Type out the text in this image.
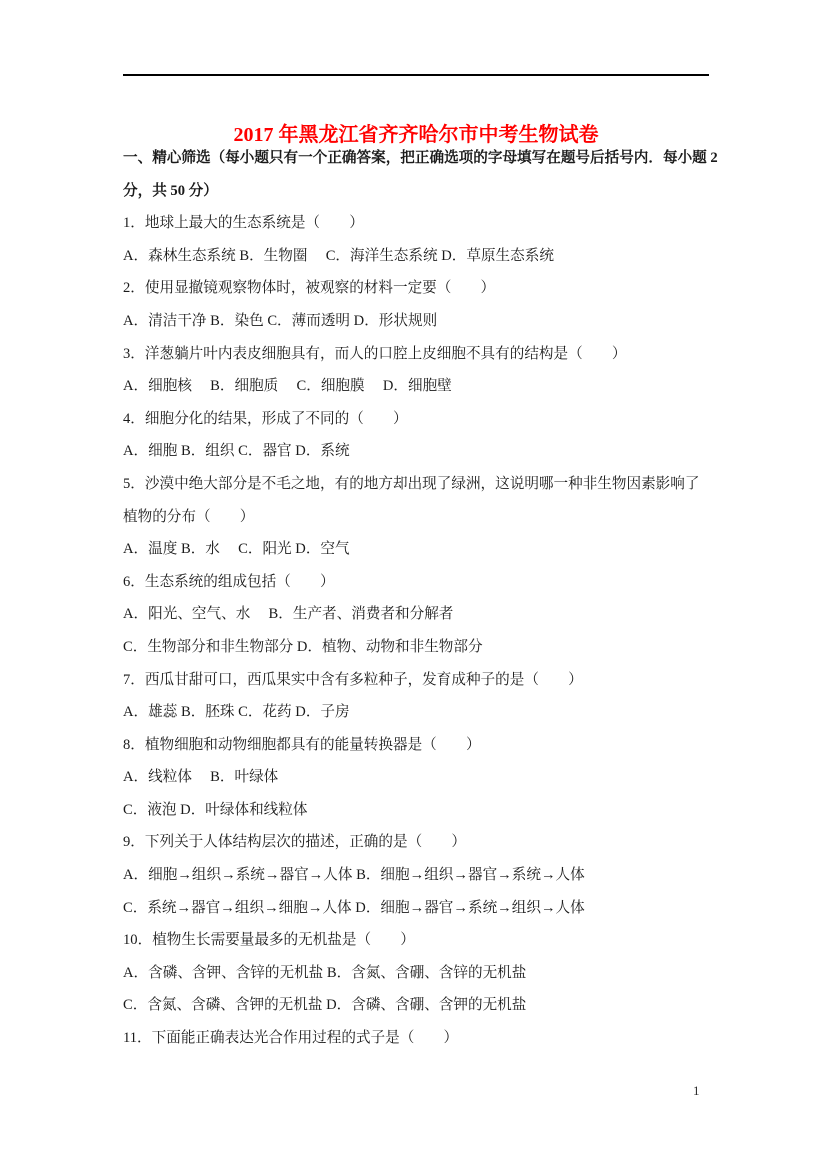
2017 年黑龙江省齐齐哈尔市中考生物试卷

一、精心筛选（每小题只有一个正确答案，把正确选项的字母填写在题号后括号内．每小题 2

分，共 50 分）

1．地球上最大的生态系统是（　　）

A．森林生态系统 B．生物圈　 C．海洋生态系统 D．草原生态系统

2．使用显撤镜观察物体时，被观察的材料一定要（　　）

A．清洁干净 B．染色 C．薄而透明 D．形状规则

3．洋葱躺片叶内表皮细胞具有，而人的口腔上皮细胞不具有的结构是（　　）

A．细胞核　 B．细胞质　 C．细胞膜　 D．细胞壁

4．细胞分化的结果，形成了不同的（　　）

A．细胞 B．组织 C．器官 D．系统

5．沙漠中绝大部分是不毛之地，有的地方却出现了绿洲，这说明哪一种非生物因素影响了

植物的分布（　　）

A．温度 B．水　 C．阳光 D．空气

6．生态系统的组成包括（　　）

A．阳光、空气、水　 B．生产者、消费者和分解者

C．生物部分和非生物部分 D．植物、动物和非生物部分

7．西瓜甘甜可口，西瓜果实中含有多粒种子，发育成种子的是（　　）

A．雄蕊 B．胚珠 C．花药 D．子房

8．植物细胞和动物细胞都具有的能量转换器是（　　）

A．线粒体　 B．叶绿体

C．液泡 D．叶绿体和线粒体

9．下列关于人体结构层次的描述，正确的是（　　）

A．细胞→组织→系统→器官→人体 B．细胞→组织→器官→系统→人体

C．系统→器官→组织→细胞→人体 D．细胞→器官→系统→组织→人体

10．植物生长需要量最多的无机盐是（　　）

A．含磷、含钾、含锌的无机盐 B．含氮、含硼、含锌的无机盐

C．含氮、含磷、含钾的无机盐 D．含磷、含硼、含钾的无机盐

11．下面能正确表达光合作用过程的式子是（　　）

1
